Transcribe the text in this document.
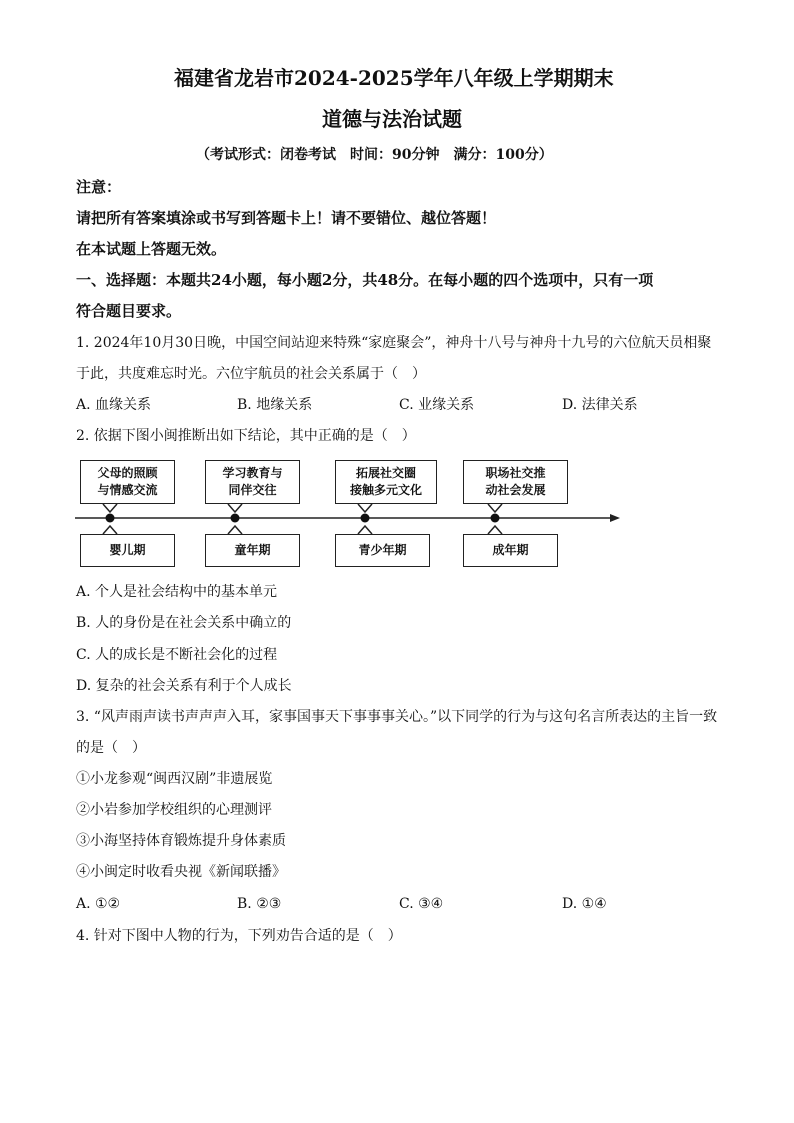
福建省龙岩市2024-2025学年八年级上学期期末
道德与法治试题
（考试形式：闭卷考试　时间：90分钟　满分：100分）
注意：
请把所有答案填涂或书写到答题卡上！请不要错位、越位答题！
在本试题上答题无效。
一、选择题：本题共24小题，每小题2分，共48分。在每小题的四个选项中，只有一项
符合题目要求。
1. 2024年10月30日晚，中国空间站迎来特殊“家庭聚会”，神舟十八号与神舟十九号的六位航天员相聚
于此，共度难忘时光。六位宇航员的社会关系属于（　）
A. 血缘关系	B. 地缘关系	C. 业缘关系	D. 法律关系
2. 依据下图小闽推断出如下结论，其中正确的是（　）
父母的照顾
与情感交流
学习教育与
同伴交往
拓展社交圈
接触多元文化
职场社交推
动社会发展
婴儿期	童年期	青少年期	成年期
A. 个人是社会结构中的基本单元
B. 人的身份是在社会关系中确立的
C. 人的成长是不断社会化的过程
D. 复杂的社会关系有利于个人成长
3. “风声雨声读书声声声入耳，家事国事天下事事事关心。”以下同学的行为与这句名言所表达的主旨一致
的是（　）
①小龙参观“闽西汉剧”非遗展览
②小岩参加学校组织的心理测评
③小海坚持体育锻炼提升身体素质
④小闽定时收看央视《新闻联播》
A. ①②	B. ②③	C. ③④	D. ①④
4. 针对下图中人物的行为，下列劝告合适的是（　）
